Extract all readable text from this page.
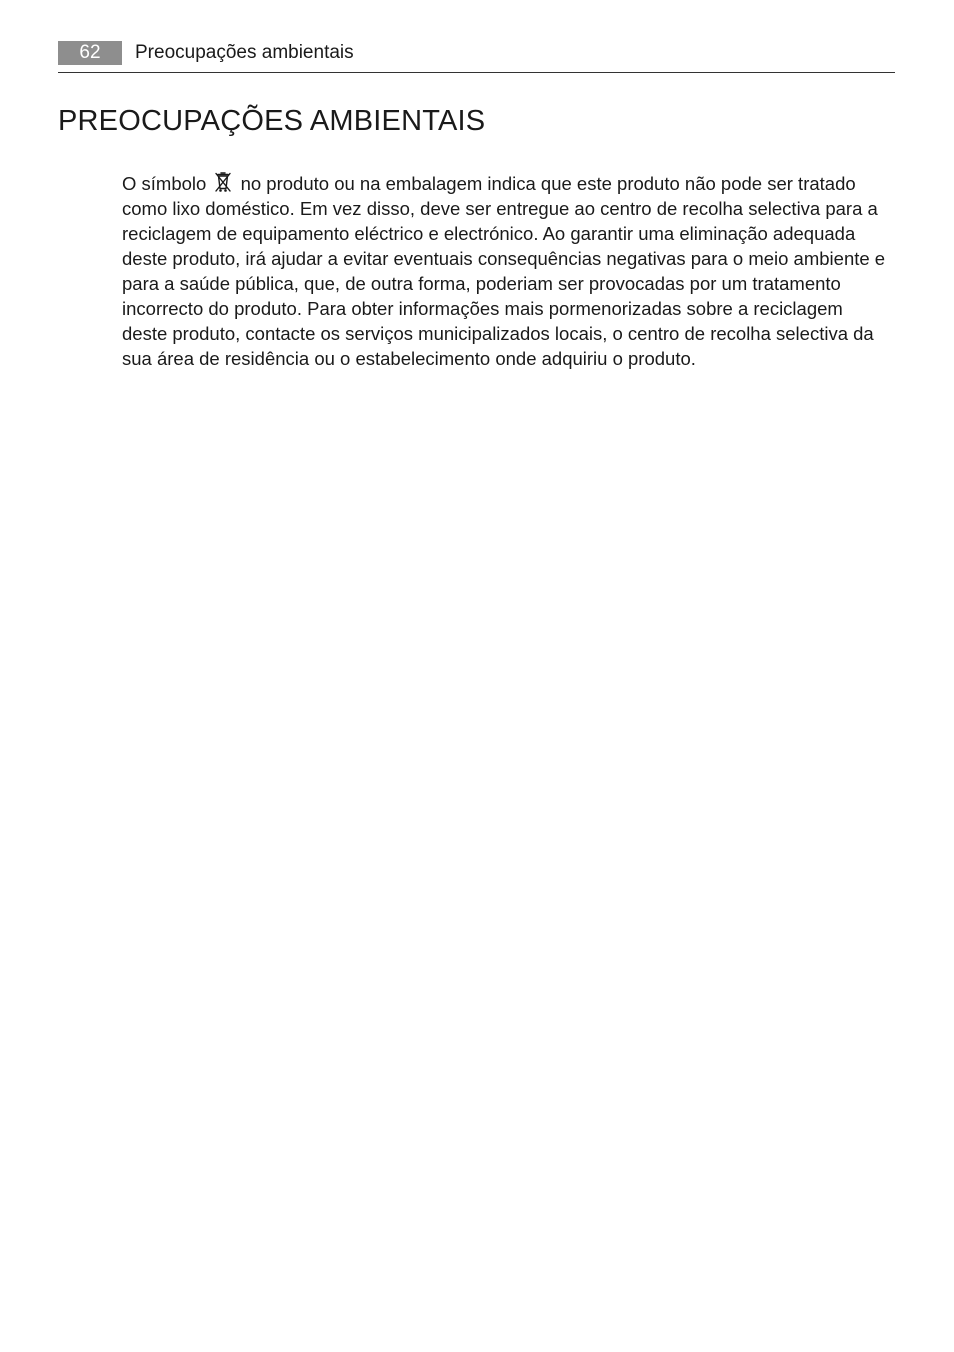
62	Preocupações ambientais
PREOCUPAÇÕES AMBIENTAIS

O símbolo no produto ou na embalagem indica que este produto não pode ser tratado como lixo doméstico. Em vez disso, deve ser entregue ao centro de recolha selectiva para a reciclagem de equipamento eléctrico e electrónico. Ao garantir uma eliminação adequada deste produto, irá ajudar a evitar eventuais consequências negativas para o meio ambiente e para a saúde pública, que, de outra forma, poderiam ser provocadas por um tratamento incorrecto do produto. Para obter informações mais pormenorizadas sobre a reciclagem deste produto, contacte os serviços municipalizados locais, o centro de recolha selectiva da sua área de residência ou o estabelecimento onde adquiriu o produto.
